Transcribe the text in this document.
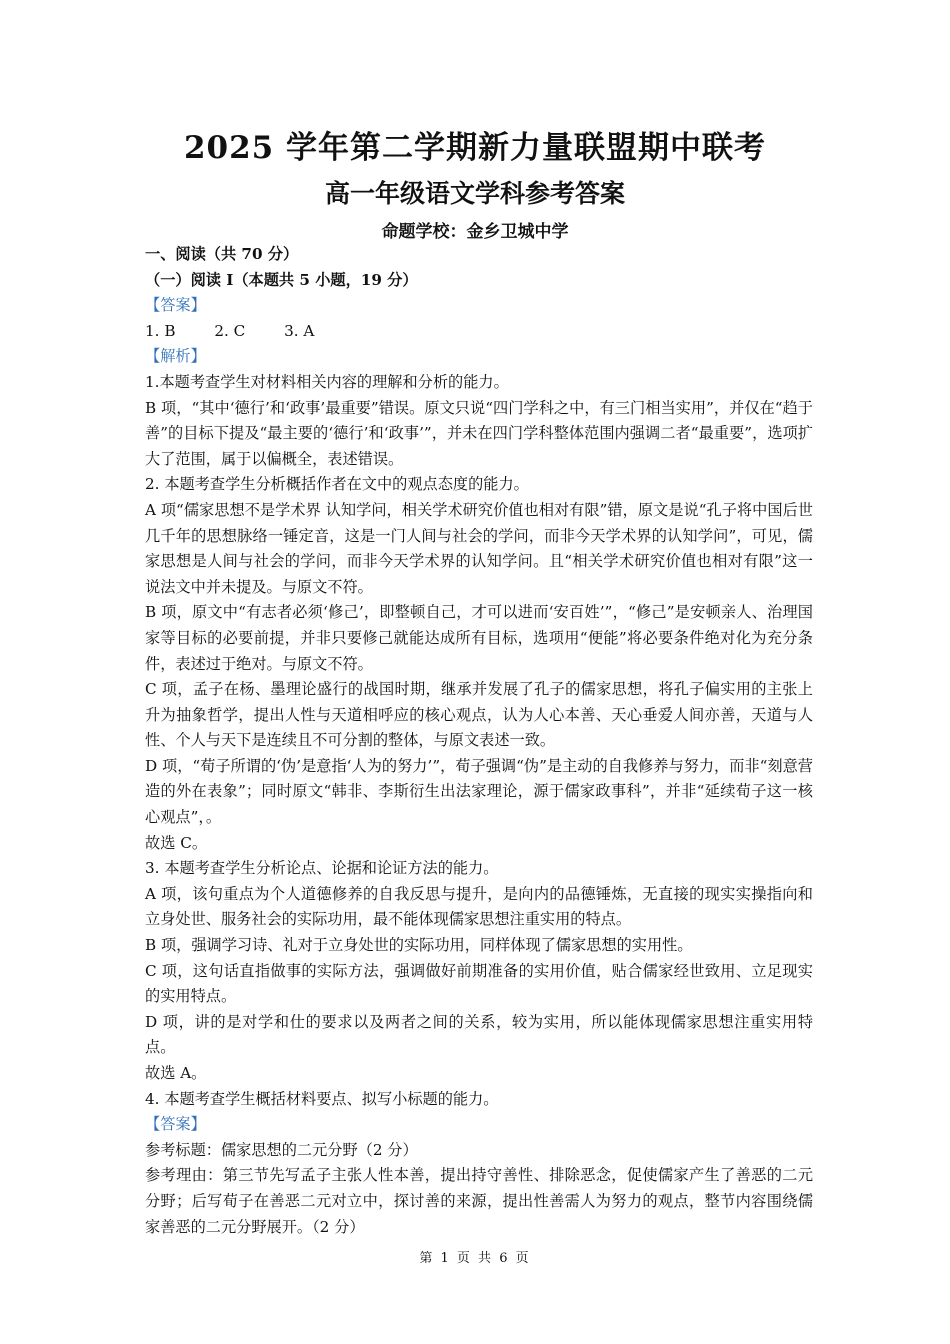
2025 学年第二学期新力量联盟期中联考
高一年级语文学科参考答案
命题学校：金乡卫城中学

一、阅读（共 70 分）

（一）阅读 I（本题共 5 小题，19 分）

【答案】

1. B	2. C	3. A

【解析】

1.本题考查学生对材料相关内容的理解和分析的能力。

B 项，“其中‘德行’和‘政事’最重要”错误。原文只说“四门学科之中，有三门相当实用”，并仅在“趋于善”的目标下提及“最主要的‘德行’和‘政事’”，并未在四门学科整体范围内强调二者“最重要”，选项扩大了范围，属于以偏概全，表述错误。

2. 本题考查学生分析概括作者在文中的观点态度的能力。

A 项“儒家思想不是学术界 认知学问，相关学术研究价值也相对有限”错，原文是说“孔子将中国后世几千年的思想脉络一锤定音，这是一门人间与社会的学问，而非今天学术界的认知学问”，可见，儒家思想是人间与社会的学问，而非今天学术界的认知学问。且“相关学术研究价值也相对有限”这一说法文中并未提及。与原文不符。

B 项，原文中“有志者必须‘修己’，即整顿自己，才可以进而‘安百姓’”，“修己”是安顿亲人、治理国家等目标的必要前提，并非只要修己就能达成所有目标，选项用“便能”将必要条件绝对化为充分条件，表述过于绝对。与原文不符。

C 项，孟子在杨、墨理论盛行的战国时期，继承并发展了孔子的儒家思想，将孔子偏实用的主张上升为抽象哲学，提出人性与天道相呼应的核心观点，认为人心本善、天心垂爱人间亦善，天道与人性、个人与天下是连续且不可分割的整体，与原文表述一致。

D 项，“荀子所谓的‘伪’是意指‘人为的努力’”，荀子强调“伪”是主动的自我修养与努力，而非“刻意营造的外在表象”；同时原文“韩非、李斯衍生出法家理论，源于儒家政事科”，并非“延续荀子这一核心观点”，。

故选 C。

3. 本题考查学生分析论点、论据和论证方法的能力。

A 项，该句重点为个人道德修养的自我反思与提升，是向内的品德锤炼，无直接的现实实操指向和立身处世、服务社会的实际功用，最不能体现儒家思想注重实用的特点。

B 项，强调学习诗、礼对于立身处世的实际功用，同样体现了儒家思想的实用性。

C 项，这句话直指做事的实际方法，强调做好前期准备的实用价值，贴合儒家经世致用、立足现实的实用特点。

D 项，讲的是对学和仕的要求以及两者之间的关系，较为实用，所以能体现儒家思想注重实用特点。

故选 A。

4. 本题考查学生概括材料要点、拟写小标题的能力。

【答案】

参考标题：儒家思想的二元分野（2 分）

参考理由：第三节先写孟子主张人性本善，提出持守善性、排除恶念，促使儒家产生了善恶的二元分野；后写荀子在善恶二元对立中，探讨善的来源，提出性善需人为努力的观点，整节内容围绕儒家善恶的二元分野展开。（2 分）

第 1 页 共 6 页
